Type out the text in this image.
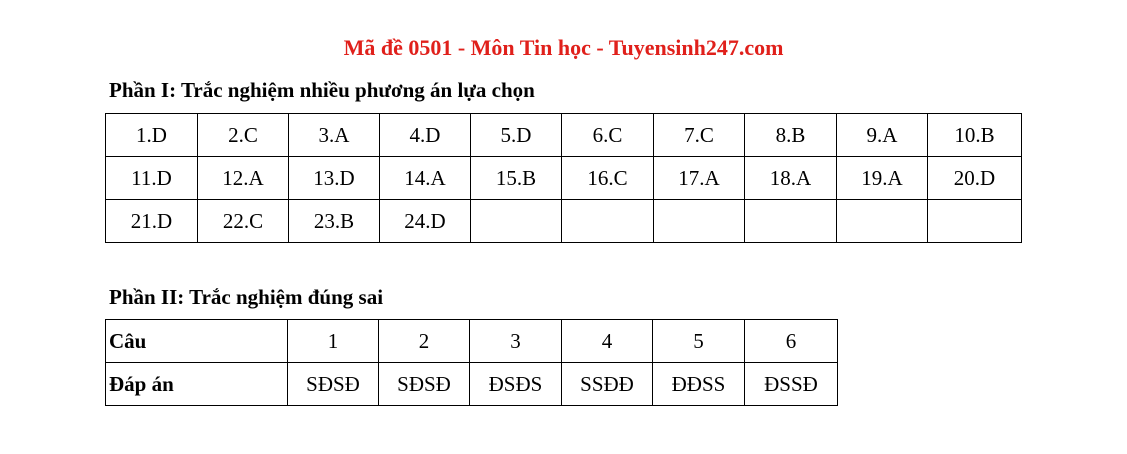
Mã đề 0501 - Môn Tin học - Tuyensinh247.com
Phần I: Trắc nghiệm nhiều phương án lựa chọn
1.D	2.C	3.A	4.D	5.D	6.C	7.C	8.B	9.A	10.B
11.D	12.A	13.D	14.A	15.B	16.C	17.A	18.A	19.A	20.D
21.D	22.C	23.B	24.D						
Phần II: Trắc nghiệm đúng sai
Câu	1	2	3	4	5	6
Đáp án	SĐSĐ	SĐSĐ	ĐSĐS	SSĐĐ	ĐĐSS	ĐSSĐ
